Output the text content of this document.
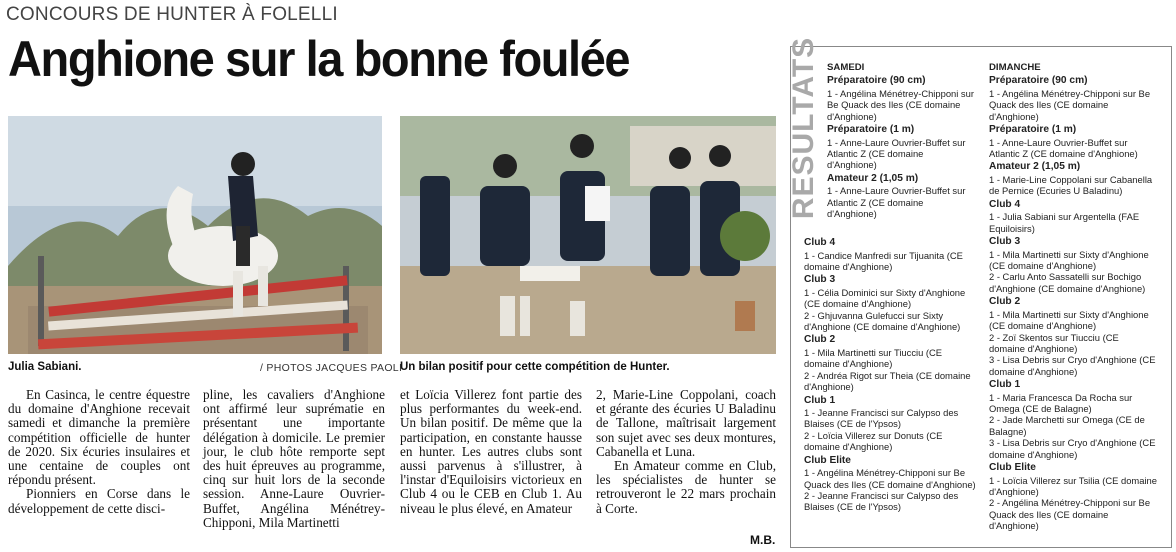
CONCOURS DE HUNTER À FOLELLI
Anghione sur la bonne foulée
Julia Sabiani.	/ PHOTOS JACQUES PAOLI
Un bilan positif pour cette compétition de Hunter.

En Casinca, le centre équestre du domaine d'Anghione recevait samedi et dimanche la première compétition officielle de hunter de 2020. Six écuries insulaires et une centaine de couples ont répondu présent.

Pionniers en Corse dans le développement de cette disci-

pline, les cavaliers d'Anghione ont affirmé leur suprématie en présentant une importante délégation à domicile. Le premier jour, le club hôte remporte sept des huit épreuves au programme, cinq sur huit lors de la seconde session. Anne-Laure Ouvrier-Buffet, Angélina Ménétrey-Chipponi, Mila Martinetti

et Loïcia Villerez font partie des plus performantes du week-end. Un bilan positif. De même que la participation, en constante hausse en hunter. Les autres clubs sont aussi parvenus à s'illustrer, à l'instar d'Equiloisirs victorieux en Club 4 ou le CEB en Club 1. Au niveau le plus élevé, en Amateur

2, Marie-Line Coppolani, coach et gérante des écuries U Baladinu de Tallone, maîtrisait largement son sujet avec ses deux montures, Cabanella et Luna.

En Amateur comme en Club, les spécialistes de hunter se retrouveront le 22 mars prochain à Corte.

M.B.
RESULTATS SAMEDI
Préparatoire (90 cm)
1 - Angélina Ménétrey-Chipponi sur Be Quack des Iles (CE domaine d'Anghione)
Préparatoire (1 m)
1 - Anne-Laure Ouvrier-Buffet sur Atlantic Z (CE domaine d'Anghione)
Amateur 2 (1,05 m)
1 - Anne-Laure Ouvrier-Buffet sur Atlantic Z (CE domaine d'Anghione)
Club 4
1 - Candice Manfredi sur Tijuanita (CE domaine d'Anghione)
Club 3
1 - Célia Dominici sur Sixty d'Anghione (CE domaine d'Anghione)
2 - Ghjuvanna Gulefucci sur Sixty d'Anghione (CE domaine d'Anghione)
Club 2
1 - Mila Martinetti sur Tiucciu (CE domaine d'Anghione)
2 - Andréa Rigot sur Theia (CE domaine d'Anghione)
Club 1
1 - Jeanne Francisci sur Calypso des Blaises (CE de l'Ypsos)
2 - Loïcia Villerez sur Donuts (CE domaine d'Anghione)
Club Elite
1 - Angélina Ménétrey-Chipponi sur Be Quack des Iles (CE domaine d'Anghione)
2 - Jeanne Francisci sur Calypso des Blaises (CE de l'Ypsos)
DIMANCHE
Préparatoire (90 cm)
1 - Angélina Ménétrey-Chipponi sur Be Quack des Iles (CE domaine d'Anghione)
Préparatoire (1 m)
1 - Anne-Laure Ouvrier-Buffet sur Atlantic Z (CE domaine d'Anghione)
Amateur 2 (1,05 m)
1 - Marie-Line Coppolani sur Cabanella de Pernice (Ecuries U Baladinu)
Club 4
1 - Julia Sabiani sur Argentella (FAE Equiloisirs)
Club 3
1 - Mila Martinetti sur Sixty d'Anghione (CE domaine d'Anghione)
2 - Carlu Anto Sassatelli sur Bochigo d'Anghione (CE domaine d'Anghione)
Club 2
1 - Mila Martinetti sur Sixty d'Anghione (CE domaine d'Anghione)
2 - Zoï Skentos sur Tiucciu (CE domaine d'Anghione)
3 - Lisa Debris sur Cryo d'Anghione (CE domaine d'Anghione)
Club 1
1 - Maria Francesca Da Rocha sur Omega (CE de Balagne)
2 - Jade Marchetti sur Omega (CE de Balagne)
3 - Lisa Debris sur Cryo d'Anghione (CE domaine d'Anghione)
Club Elite
1 - Loïcia Villerez sur Tsilia (CE domaine d'Anghione)
2 - Angélina Ménétrey-Chipponi sur Be Quack des Iles (CE domaine d'Anghione)
